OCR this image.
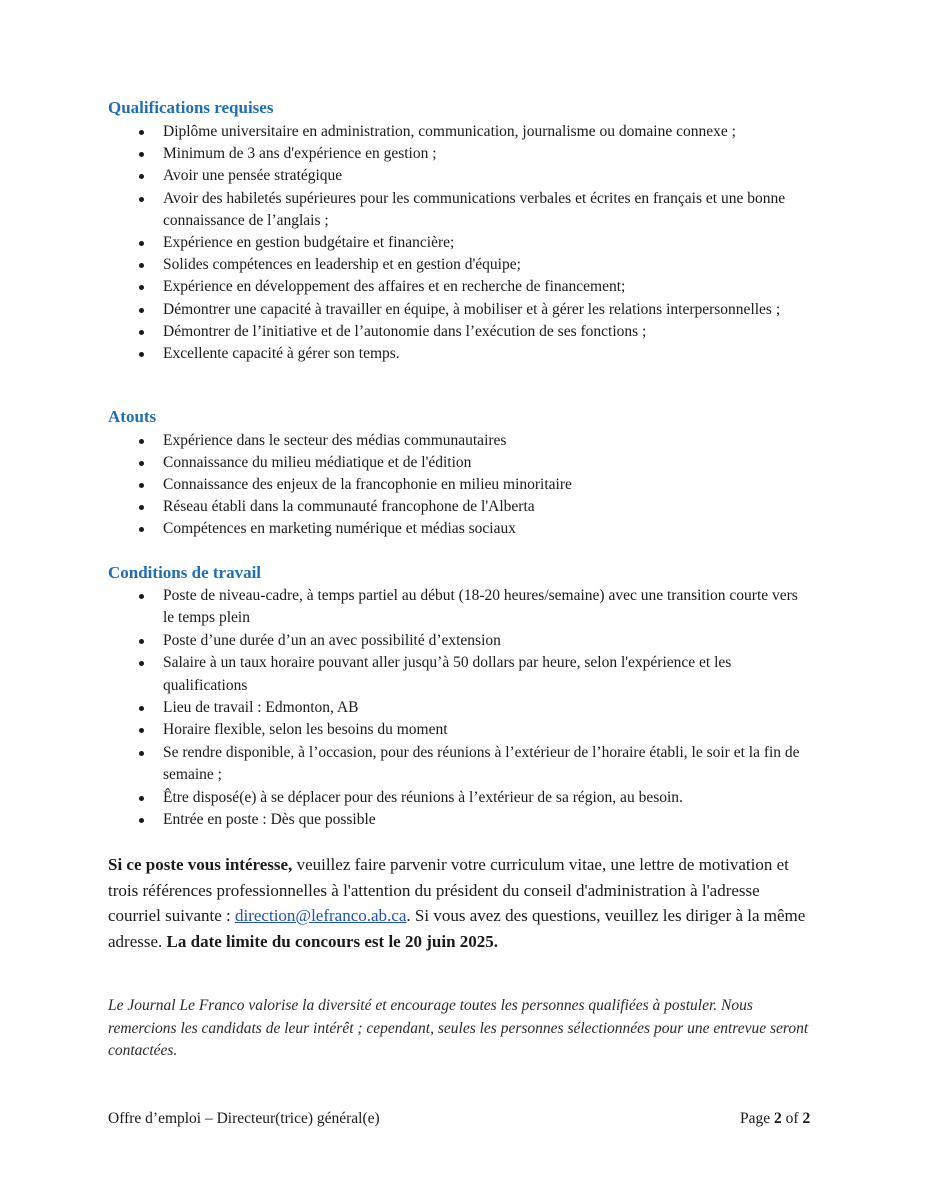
Qualifications requises
Diplôme universitaire en administration, communication, journalisme ou domaine connexe ;
Minimum de 3 ans d'expérience en gestion ;
Avoir une pensée stratégique
Avoir des habiletés supérieures pour les communications verbales et écrites en français et une bonne connaissance de l’anglais ;
Expérience en gestion budgétaire et financière;
Solides compétences en leadership et en gestion d'équipe;
Expérience en développement des affaires et en recherche de financement;
Démontrer une capacité à travailler en équipe, à mobiliser et à gérer les relations interpersonnelles ;
Démontrer de l’initiative et de l’autonomie dans l’exécution de ses fonctions ;
Excellente capacité à gérer son temps.
Atouts
Expérience dans le secteur des médias communautaires
Connaissance du milieu médiatique et de l'édition
Connaissance des enjeux de la francophonie en milieu minoritaire
Réseau établi dans la communauté francophone de l'Alberta
Compétences en marketing numérique et médias sociaux
Conditions de travail
Poste de niveau-cadre, à temps partiel au début (18-20 heures/semaine) avec une transition courte vers le temps plein
Poste d’une durée d’un an avec possibilité d’extension
Salaire à un taux horaire pouvant aller jusqu’à 50 dollars par heure, selon l'expérience et les qualifications
Lieu de travail : Edmonton, AB
Horaire flexible, selon les besoins du moment
Se rendre disponible, à l’occasion, pour des réunions à l’extérieur de l’horaire établi, le soir et la fin de semaine ;
Être disposé(e) à se déplacer pour des réunions à l’extérieur de sa région, au besoin.
Entrée en poste : Dès que possible

Si ce poste vous intéresse, veuillez faire parvenir votre curriculum vitae, une lettre de motivation et trois références professionnelles à l'attention du président du conseil d'administration à l'adresse courriel suivante : direction@lefranco.ab.ca. Si vous avez des questions, veuillez les diriger à la même adresse. La date limite du concours est le 20 juin 2025.

Le Journal Le Franco valorise la diversité et encourage toutes les personnes qualifiées à postuler. Nous remercions les candidats de leur intérêt ; cependant, seules les personnes sélectionnées pour une entrevue seront contactées.

Offre d’emploi – Directeur(trice) général(e)	Page 2 of 2
